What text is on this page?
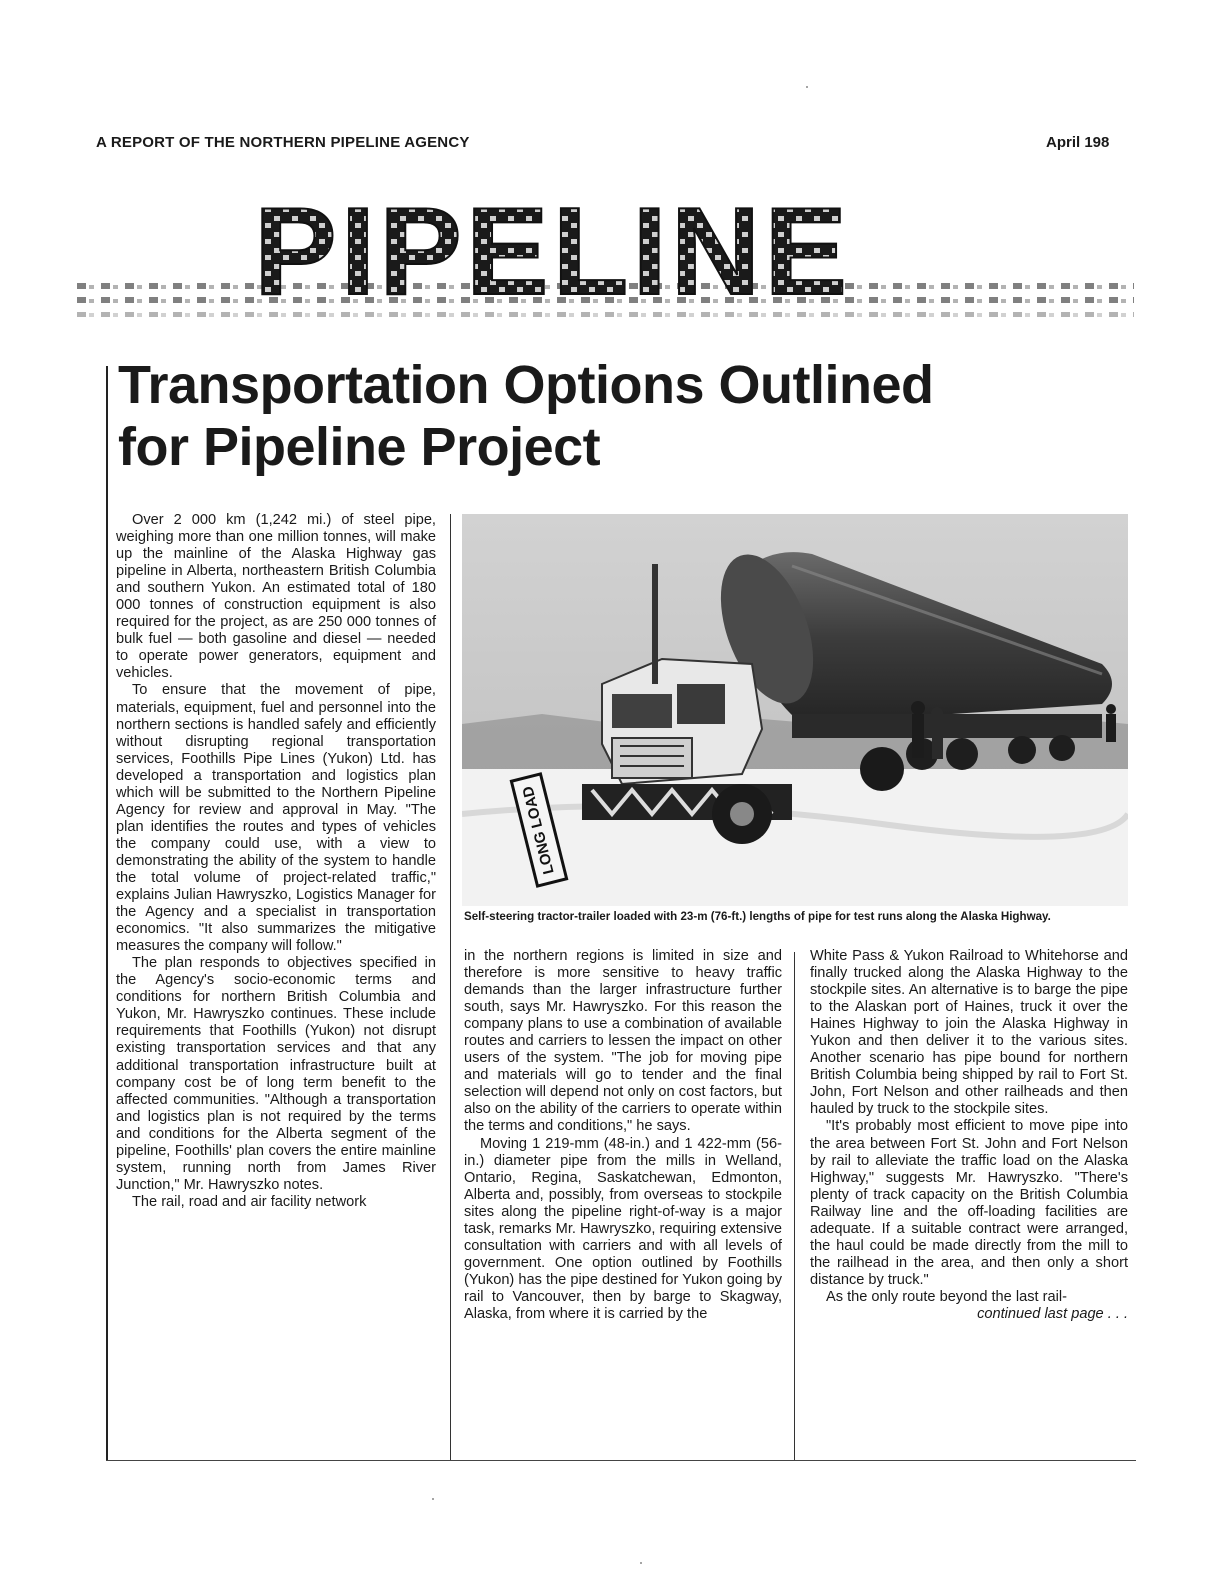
A REPORT OF THE NORTHERN PIPELINE AGENCY	April 198
PIPELINE
Transportation Options Outlined
for Pipeline Project

Over 2 000 km (1,242 mi.) of steel pipe, weighing more than one million tonnes, will make up the mainline of the Alaska Highway gas pipeline in Alberta, northeastern British Columbia and southern Yukon. An estimated total of 180 000 tonnes of construction equipment is also required for the project, as are 250 000 tonnes of bulk fuel — both gasoline and diesel — needed to operate power generators, equipment and vehicles.

To ensure that the movement of pipe, materials, equipment, fuel and personnel into the northern sections is handled safely and efficiently without disrupting regional transportation services, Foothills Pipe Lines (Yukon) Ltd. has developed a transportation and logistics plan which will be submitted to the Northern Pipeline Agency for review and approval in May. "The plan identifies the routes and types of vehicles the company could use, with a view to demonstrating the ability of the system to handle the total volume of project-related traffic," explains Julian Hawryszko, Logistics Manager for the Agency and a specialist in transportation economics. "It also summarizes the mitigative measures the company will follow."

The plan responds to objectives specified in the Agency's socio-economic terms and conditions for northern British Columbia and Yukon, Mr. Hawryszko continues. These include requirements that Foothills (Yukon) not disrupt existing transportation services and that any additional transportation infrastructure built at company cost be of long term benefit to the affected communities. "Although a transportation and logistics plan is not required by the terms and conditions for the Alberta segment of the pipeline, Foothills' plan covers the entire mainline system, running north from James River Junction," Mr. Hawryszko notes.

The rail, road and air facility network

LONG LOAD
Self-steering tractor-trailer loaded with 23-m (76-ft.) lengths of pipe for test runs along the Alaska Highway.

in the northern regions is limited in size and therefore is more sensitive to heavy traffic demands than the larger infrastructure further south, says Mr. Hawryszko. For this reason the company plans to use a combination of available routes and carriers to lessen the impact on other users of the system. "The job for moving pipe and materials will go to tender and the final selection will depend not only on cost factors, but also on the ability of the carriers to operate within the terms and conditions," he says.

Moving 1 219-mm (48-in.) and 1 422-mm (56-in.) diameter pipe from the mills in Welland, Ontario, Regina, Saskatchewan, Edmonton, Alberta and, possibly, from overseas to stockpile sites along the pipeline right-of-way is a major task, remarks Mr. Hawryszko, requiring extensive consultation with carriers and with all levels of government. One option outlined by Foothills (Yukon) has the pipe destined for Yukon going by rail to Vancouver, then by barge to Skagway, Alaska, from where it is carried by the

White Pass & Yukon Railroad to Whitehorse and finally trucked along the Alaska Highway to the stockpile sites. An alternative is to barge the pipe to the Alaskan port of Haines, truck it over the Haines Highway to join the Alaska Highway in Yukon and then deliver it to the various sites. Another scenario has pipe bound for northern British Columbia being shipped by rail to Fort St. John, Fort Nelson and other railheads and then hauled by truck to the stockpile sites.

"It's probably most efficient to move pipe into the area between Fort St. John and Fort Nelson by rail to alleviate the traffic load on the Alaska Highway," suggests Mr. Hawryszko. "There's plenty of track capacity on the British Columbia Railway line and the off-loading facilities are adequate. If a suitable contract were arranged, the haul could be made directly from the mill to the railhead in the area, and then only a short distance by truck."

As the only route beyond the last rail-

continued last page . . .
